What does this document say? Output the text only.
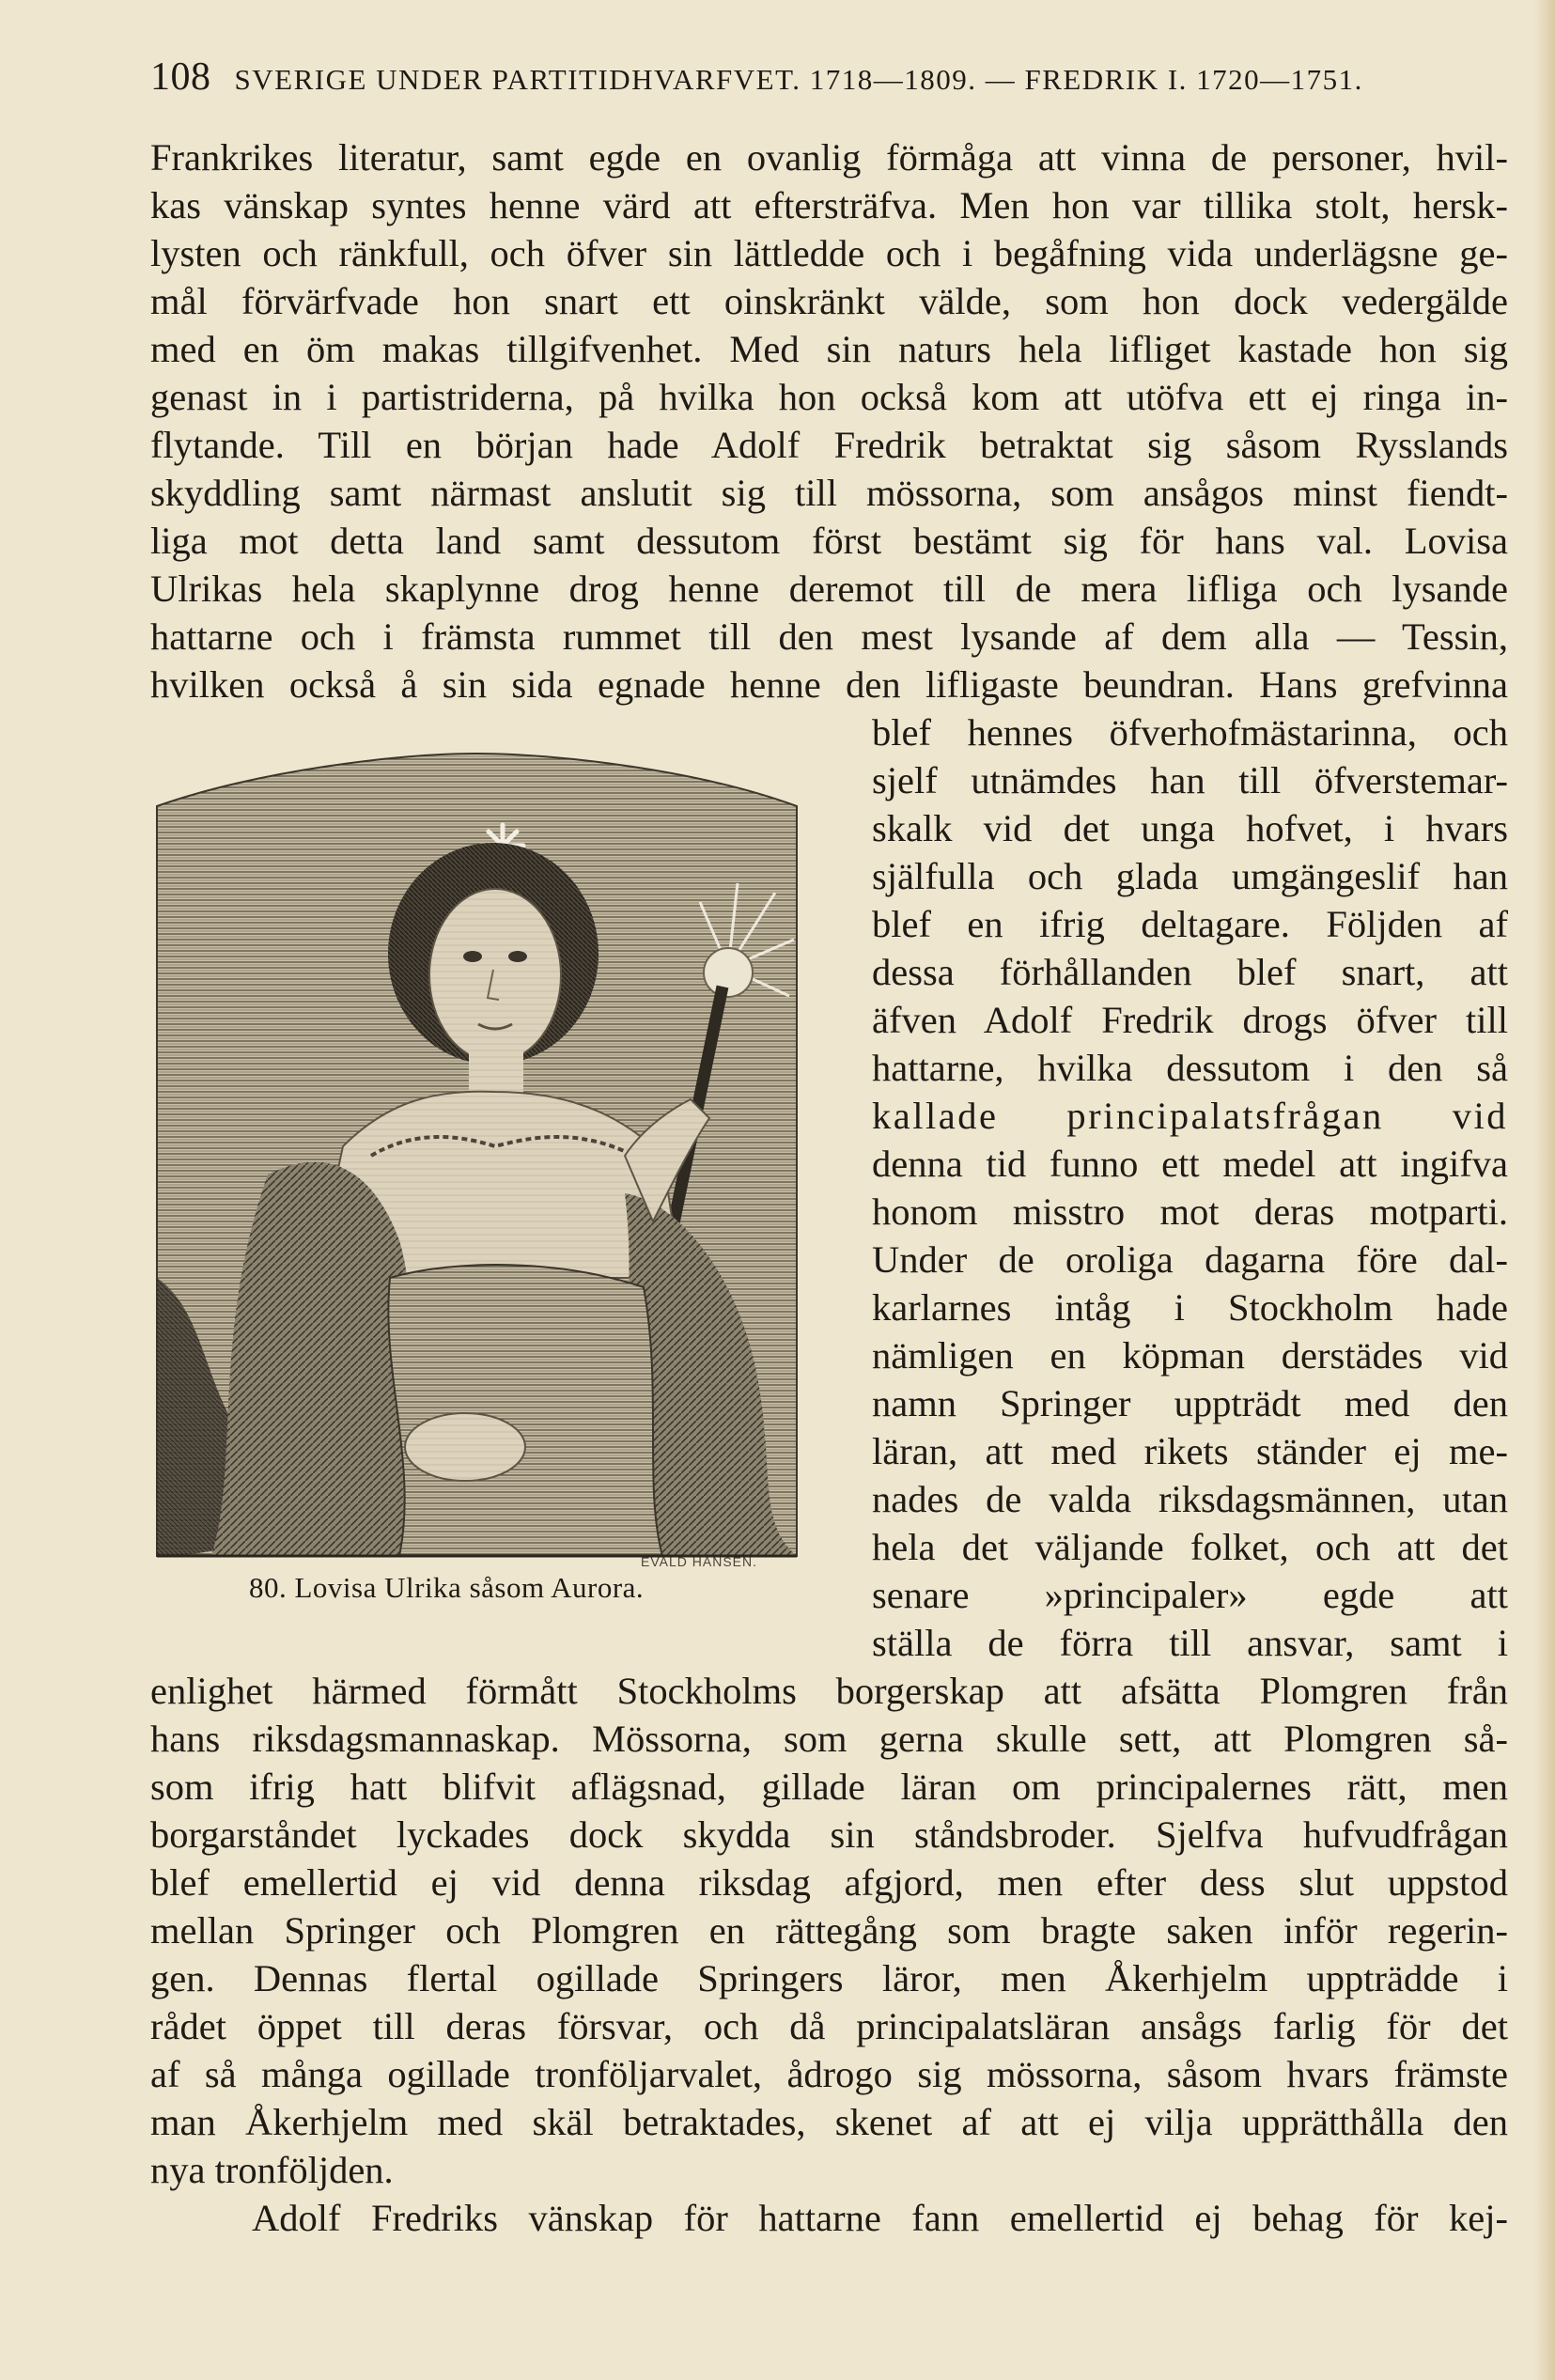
108 SVERIGE UNDER PARTITIDHVARFVET. 1718—1809. — FREDRIK I. 1720—1751.
Frankrikes literatur, samt egde en ovanlig förmåga att vinna de personer, hvil-
kas vänskap syntes henne värd att eftersträfva. Men hon var tillika stolt, hersk-
lysten och ränkfull, och öfver sin lättledde och i begåfning vida underlägsne ge-
mål förvärfvade hon snart ett oinskränkt välde, som hon dock vedergälde
med en öm makas tillgifvenhet. Med sin naturs hela lifliget kastade hon sig
genast in i partistriderna, på hvilka hon också kom att utöfva ett ej ringa in-
flytande. Till en början hade Adolf Fredrik betraktat sig såsom Rysslands
skyddling samt närmast anslutit sig till mössorna, som ansågos minst fiendt-
liga mot detta land samt dessutom först bestämt sig för hans val. Lovisa
Ulrikas hela skaplynne drog henne deremot till de mera lifliga och lysande
hattarne och i främsta rummet till den mest lysande af dem alla — Tessin,
hvilken också å sin sida egnade henne den lifligaste beundran. Hans grefvinna
blef hennes öfverhofmästarinna, och
sjelf utnämdes han till öfverstemar-
skalk vid det unga hofvet, i hvars
själfulla och glada umgängeslif han
blef en ifrig deltagare. Följden af
dessa förhållanden blef snart, att
äfven Adolf Fredrik drogs öfver till
hattarne, hvilka dessutom i den så
kallade principalatsfrågan vid
denna tid funno ett medel att ingifva
honom misstro mot deras motparti.
Under de oroliga dagarna före dal-
karlarnes intåg i Stockholm hade
nämligen en köpman derstädes vid
namn Springer uppträdt med den
läran, att med rikets ständer ej me-
nades de valda riksdagsmännen, utan
hela det väljande folket, och att det
senare »principaler» egde att
ställa de förra till ansvar, samt i
enlighet härmed förmått Stockholms borgerskap att afsätta Plomgren från
hans riksdagsmannaskap. Mössorna, som gerna skulle sett, att Plomgren så-
som ifrig hatt blifvit aflägsnad, gillade läran om principalernes rätt, men
borgarståndet lyckades dock skydda sin ståndsbroder. Sjelfva hufvudfrågan
blef emellertid ej vid denna riksdag afgjord, men efter dess slut uppstod
mellan Springer och Plomgren en rättegång som bragte saken inför regerin-
gen. Dennas flertal ogillade Springers läror, men Åkerhjelm uppträdde i
rådet öppet till deras försvar, och då principalatsläran ansågs farlig för det
af så många ogillade tronföljarvalet, ådrogo sig mössorna, såsom hvars främste
man Åkerhjelm med skäl betraktades, skenet af att ej vilja upprätthålla den
nya tronföljden.
Adolf Fredriks vänskap för hattarne fann emellertid ej behag för kej-
EVALD HANSEN.
80. Lovisa Ulrika såsom Aurora.
